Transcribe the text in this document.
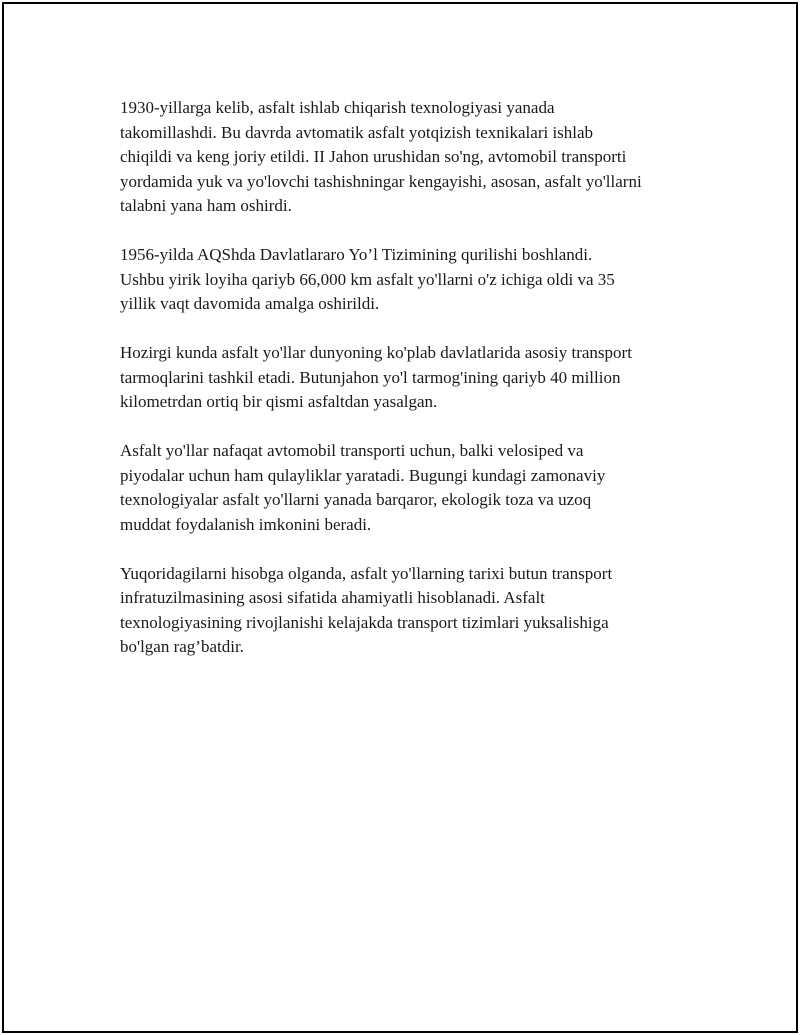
1930-yillarga kelib, asfalt ishlab chiqarish texnologiyasi yanada
takomillashdi. Bu davrda avtomatik asfalt yotqizish texnikalari ishlab
chiqildi va keng joriy etildi. II Jahon urushidan so'ng, avtomobil transporti
yordamida yuk va yo'lovchi tashishningar kengayishi, asosan, asfalt yo'llarni
talabni yana ham oshirdi.

1956-yilda AQShda Davlatlararo Yo’l Tizimining qurilishi boshlandi.
Ushbu yirik loyiha qariyb 66,000 km asfalt yo'llarni o'z ichiga oldi va 35
yillik vaqt davomida amalga oshirildi.

Hozirgi kunda asfalt yo'llar dunyoning ko'plab davlatlarida asosiy transport
tarmoqlarini tashkil etadi. Butunjahon yo'l tarmog'ining qariyb 40 million
kilometrdan ortiq bir qismi asfaltdan yasalgan.

Asfalt yo'llar nafaqat avtomobil transporti uchun, balki velosiped va
piyodalar uchun ham qulayliklar yaratadi. Bugungi kundagi zamonaviy
texnologiyalar asfalt yo'llarni yanada barqaror, ekologik toza va uzoq
muddat foydalanish imkonini beradi.

Yuqoridagilarni hisobga olganda, asfalt yo'llarning tarixi butun transport
infratuzilmasining asosi sifatida ahamiyatli hisoblanadi. Asfalt
texnologiyasining rivojlanishi kelajakda transport tizimlari yuksalishiga
bo'lgan rag’batdir.
